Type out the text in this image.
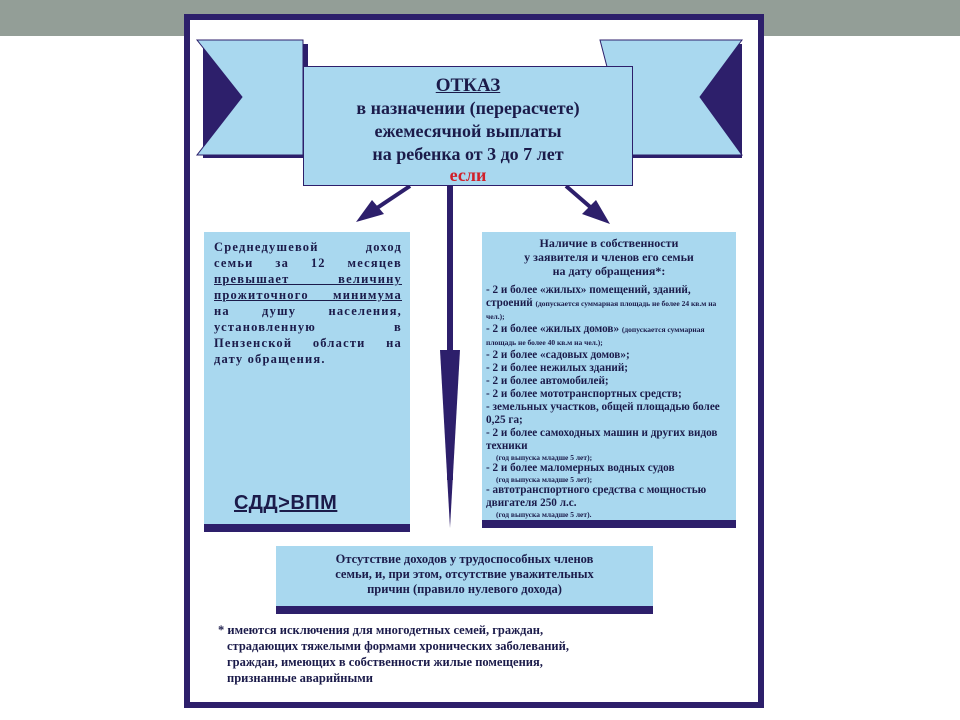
ОТКАЗ
в назначении (перерасчете)
ежемесячной выплаты
на ребенка от 3 до 7 лет
если
Среднедушевой доход семьи за 12 месяцев превышает величину прожиточного минимума на душу населения, установленную в Пензенской области на дату обращения.
СДД>ВПМ
Наличие в собственности
у заявителя и членов его семьи
на дату обращения*:
- 2 и более «жилых» помещений, зданий, строений (допускается суммарная площадь не более 24 кв.м на чел.);
- 2 и более «жилых домов» (допускается суммарная площадь не более 40 кв.м на чел.);
- 2 и более «садовых домов»;
- 2 и более нежилых зданий;
- 2 и более автомобилей;
- 2 и более мототранспортных средств;
- земельных участков, общей площадью более 0,25 га;
- 2 и более самоходных машин и других видов техники
(год выпуска младше 5 лет);
- 2 и более маломерных водных судов
(год выпуска младше 5 лет);
- автотранспортного средства с мощностью двигателя 250 л.с.
(год выпуска младше 5 лет).
Отсутствие доходов у трудоспособных членов
семьи, и, при этом, отсутствие уважительных
причин (правило нулевого дохода)
* имеются исключения для многодетных семей, граждан,
страдающих тяжелыми формами хронических заболеваний,
граждан, имеющих в собственности жилые помещения,
признанные аварийными
